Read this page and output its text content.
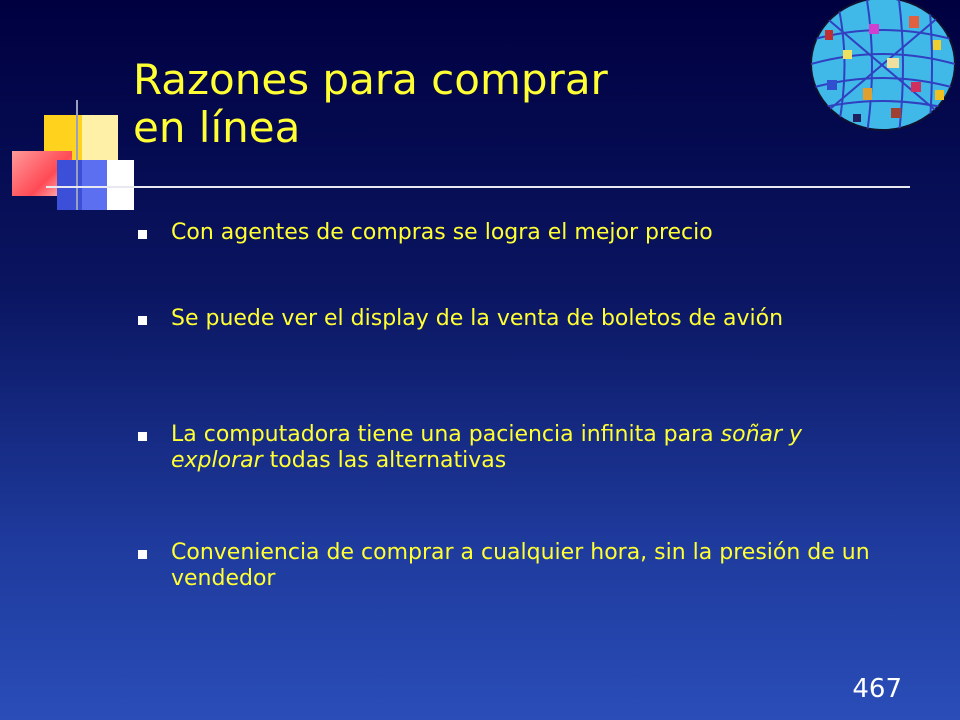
Razones para comprar
en línea
Con agentes de compras se logra el mejor precio
Se puede ver el display de la venta de boletos de avión
La computadora tiene una paciencia infinita para soñar y explorar todas las alternativas
Conveniencia de comprar a cualquier hora, sin la presión de un vendedor
467
